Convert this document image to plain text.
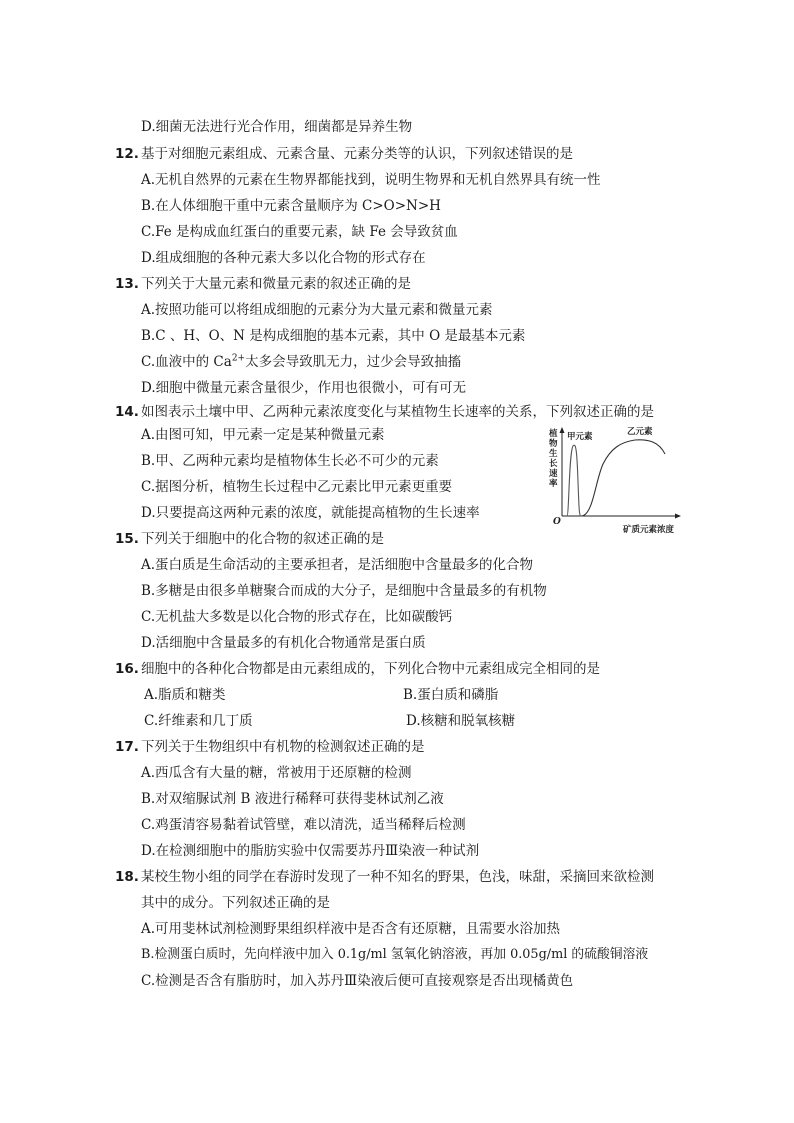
D.细菌无法进行光合作用，细菌都是异养生物
12. 基于对细胞元素组成、元素含量、元素分类等的认识，下列叙述错误的是
A.无机自然界的元素在生物界都能找到，说明生物界和无机自然界具有统一性
B.在人体细胞干重中元素含量顺序为 C>O>N>H
C.Fe 是构成血红蛋白的重要元素，缺 Fe 会导致贫血
D.组成细胞的各种元素大多以化合物的形式存在
13. 下列关于大量元素和微量元素的叙述正确的是
A.按照功能可以将组成细胞的元素分为大量元素和微量元素
B.C 、H、O、N 是构成细胞的基本元素，其中 O 是最基本元素
C.血液中的 $Ca^{2+}$太多会导致肌无力，过少会导致抽搐
D.细胞中微量元素含量很少，作用也很微小，可有可无
14. 如图表示土壤中甲、乙两种元素浓度变化与某植物生长速率的关系，下列叙述正确的是
A.由图可知，甲元素一定是某种微量元素
B.甲、乙两种元素均是植物体生长必不可少的元素
C.据图分析，植物生长过程中乙元素比甲元素更重要
D.只要提高这两种元素的浓度，就能提高植物的生长速率
植 物 生 长 速 率
O
矿质元素浓度
甲元素	乙元素
15. 下列关于细胞中的化合物的叙述正确的是
A.蛋白质是生命活动的主要承担者，是活细胞中含量最多的化合物
B.多糖是由很多单糖聚合而成的大分子，是细胞中含量最多的有机物
C.无机盐大多数是以化合物的形式存在，比如碳酸钙
D.活细胞中含量最多的有机化合物通常是蛋白质
16. 细胞中的各种化合物都是由元素组成的，下列化合物中元素组成完全相同的是
A.脂质和糖类	B.蛋白质和磷脂
C.纤维素和几丁质	D.核糖和脱氧核糖
17. 下列关于生物组织中有机物的检测叙述正确的是
A.西瓜含有大量的糖，常被用于还原糖的检测
B.对双缩脲试剂 B 液进行稀释可获得斐林试剂乙液
C.鸡蛋清容易黏着试管壁，难以清洗，适当稀释后检测
D.在检测细胞中的脂肪实验中仅需要苏丹Ⅲ染液一种试剂
18. 某校生物小组的同学在春游时发现了一种不知名的野果，色浅，味甜，采摘回来欲检测
其中的成分。下列叙述正确的是
A.可用斐林试剂检测野果组织样液中是否含有还原糖，且需要水浴加热
B.检测蛋白质时，先向样液中加入 0.1g/ml 氢氧化钠溶液，再加 0.05g/ml 的硫酸铜溶液
C.检测是否含有脂肪时，加入苏丹Ⅲ染液后便可直接观察是否出现橘黄色
